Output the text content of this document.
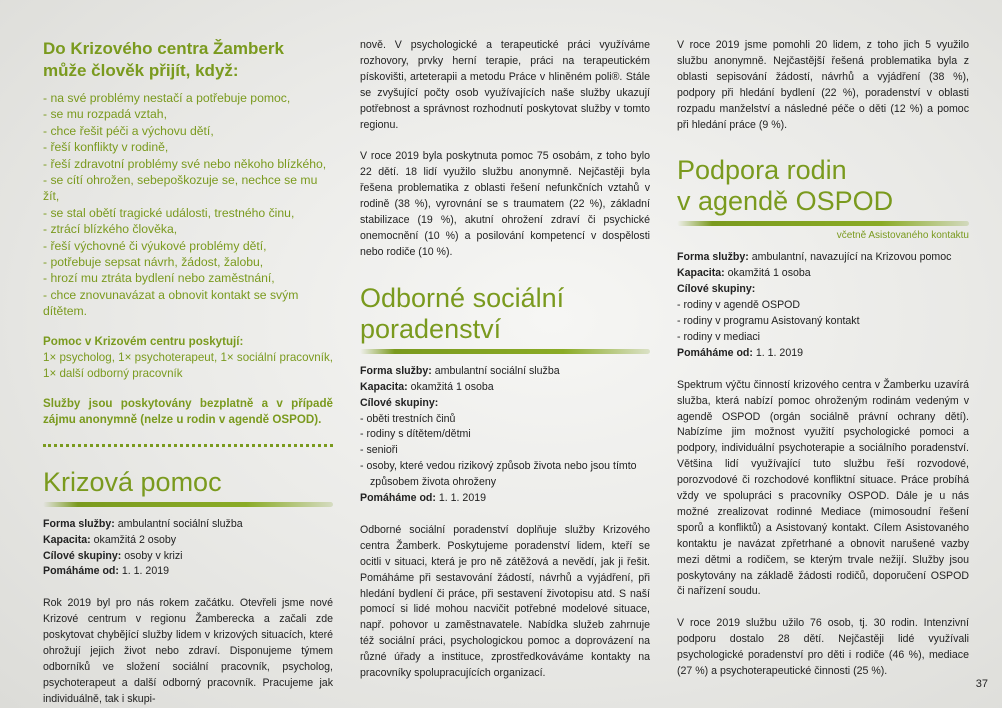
Do Krizového centra Žamberk
může člověk přijít, když:
- na své problémy nestačí a potřebuje pomoc,
- se mu rozpadá vztah,
- chce řešit péči a výchovu dětí,
- řeší konflikty v rodině,
- řeší zdravotní problémy své nebo někoho blízkého,
- se cítí ohrožen, sebepoškozuje se, nechce se mu žít,
- se stal obětí tragické události, trestného činu,
- ztrácí blízkého člověka,
- řeší výchovné či výukové problémy dětí,
- potřebuje sepsat návrh, žádost, žalobu,
- hrozí mu ztráta bydlení nebo zaměstnání,
- chce znovunavázat a obnovit kontakt se svým dítětem.
Pomoc v Krizovém centru poskytují:

1× psycholog, 1× psychoterapeut, 1× sociální pracovník, 1× další odborný pracovník

Služby jsou poskytovány bezplatně a v případě zájmu anonymně (nelze u rodin v agendě OSPOD).

Krizová pomoc
Forma služby: ambulantní sociální služba
Kapacita: okamžitá 2 osoby
Cílové skupiny: osoby v krizi
Pomáháme od: 1. 1. 2019

Rok 2019 byl pro nás rokem začátku. Otevřeli jsme nové Krizové centrum v regionu Žamberecka a začali zde poskytovat chybějící služby lidem v krizových situacích, které ohrožují jejich život nebo zdraví. Disponujeme týmem odborníků ve složení sociální pracovník, psycholog, psychoterapeut a další odborný pracovník. Pracujeme jak individuálně, tak i skupi-

nově. V psychologické a terapeutické práci využíváme rozhovory, prvky herní terapie, práci na terapeutickém pískovišti, arteterapii a metodu Práce v hliněném poli®. Stále se zvyšující počty osob využívajících naše služby ukazují potřebnost a správnost rozhodnutí poskytovat služby v tomto regionu.

V roce 2019 byla poskytnuta pomoc 75 osobám, z toho bylo 22 dětí. 18 lidí využilo službu anonymně. Nejčastěji byla řešena problematika z oblasti řešení nefunkčních vztahů v rodině (38 %), vyrovnání se s traumatem (22 %), základní stabilizace (19 %), akutní ohrožení zdraví či psychické onemocnění (10 %) a posilování kompetencí v dospělosti nebo rodiče (10 %).

Odborné sociální
poradenství
Forma služby: ambulantní sociální služba
Kapacita: okamžitá 1 osoba
Cílové skupiny:
- oběti trestních činů
- rodiny s dítětem/dětmi
- senioři
- osoby, které vedou rizikový způsob života nebo jsou tímto způsobem života ohroženy
Pomáháme od: 1. 1. 2019

Odborné sociální poradenství doplňuje služby Krizového centra Žamberk. Poskytujeme poradenství lidem, kteří se ocitli v situaci, která je pro ně zátěžová a nevědí, jak ji řešit. Pomáháme při sestavování žádostí, návrhů a vyjádření, při hledání bydlení či práce, při sestavení životopisu atd. S naší pomocí si lidé mohou nacvičit potřebné modelové situace, např. pohovor u zaměstnavatele. Nabídka služeb zahrnuje též sociální práci, psychologickou pomoc a doprovázení na různé úřady a instituce, zprostředkováváme kontakty na pracovníky spolupracujících organizací.

V roce 2019 jsme pomohli 20 lidem, z toho jich 5 využilo službu anonymně. Nejčastější řešená problematika byla z oblasti sepisování žádostí, návrhů a vyjádření (38 %), podpory při hledání bydlení (22 %), poradenství v oblasti rozpadu manželství a následné péče o děti (12 %) a pomoc při hledání práce (9 %).

Podpora rodin
v agendě OSPOD
včetně Asistovaného kontaktu
Forma služby: ambulantní, navazující na Krizovou pomoc
Kapacita: okamžitá 1 osoba
Cílové skupiny:
- rodiny v agendě OSPOD
- rodiny v programu Asistovaný kontakt
- rodiny v mediaci
Pomáháme od: 1. 1. 2019

Spektrum výčtu činností krizového centra v Žamberku uzavírá služba, která nabízí pomoc ohroženým rodinám vedeným v agendě OSPOD (orgán sociálně právní ochrany dětí). Nabízíme jim možnost využití psychologické pomoci a podpory, individuální psychoterapie a sociálního poradenství. Většina lidí využívající tuto službu řeší rozvodové, porozvodové či rozchodové konfliktní situace. Práce probíhá vždy ve spolupráci s pracovníky OSPOD. Dále je u nás možné zrealizovat rodinné Mediace (mimosoudní řešení sporů a konfliktů) a Asistovaný kontakt. Cílem Asistovaného kontaktu je navázat zpřetrhané a obnovit narušené vazby mezi dětmi a rodičem, se kterým trvale nežijí. Služby jsou poskytovány na základě žádosti rodičů, doporučení OSPOD či nařízení soudu.

V roce 2019 službu užilo 76 osob, tj. 30 rodin. Intenzivní podporu dostalo 28 dětí. Nejčastěji lidé využívali psychologické poradenství pro děti i rodiče (46 %), mediace (27 %) a psychoterapeutické činnosti (25 %).

37
